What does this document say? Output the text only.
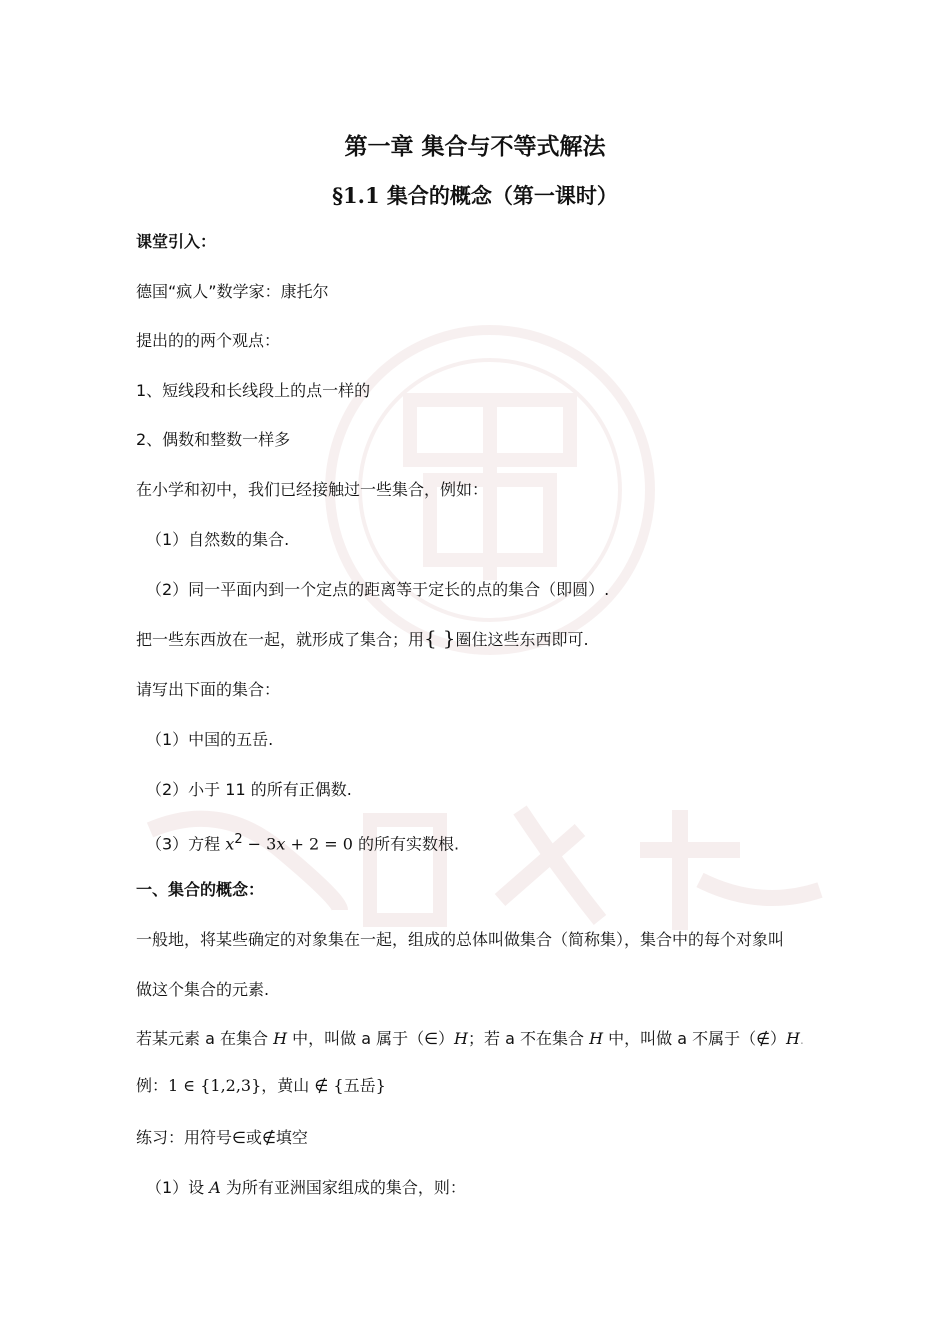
第一章 集合与不等式解法
§1.1 集合的概念（第一课时）
课堂引入：
德国“疯人”数学家：康托尔
提出的的两个观点：
1、短线段和长线段上的点一样的
2、偶数和整数一样多
在小学和初中，我们已经接触过一些集合，例如：
（1）自然数的集合.
（2）同一平面内到一个定点的距离等于定长的点的集合（即圆）.
把一些东西放在一起，就形成了集合；用{ }圈住这些东西即可.
请写出下面的集合：
（1）中国的五岳.
（2）小于 11 的所有正偶数.
（3）方程 $x^2 - 3x + 2 = 0$ 的所有实数根.
一、集合的概念：
一般地，将某些确定的对象集在一起，组成的总体叫做集合（简称集），集合中的每个对象叫
做这个集合的元素.
若某元素 a 在集合 H 中，叫做 a 属于（∈）H；若 a 不在集合 H 中，叫做 a 不属于（∉）H.
例：1 ∈ {1,2,3}，黄山 ∉ {五岳}
练习：用符号∈或∉填空
（1）设 A 为所有亚洲国家组成的集合，则：
